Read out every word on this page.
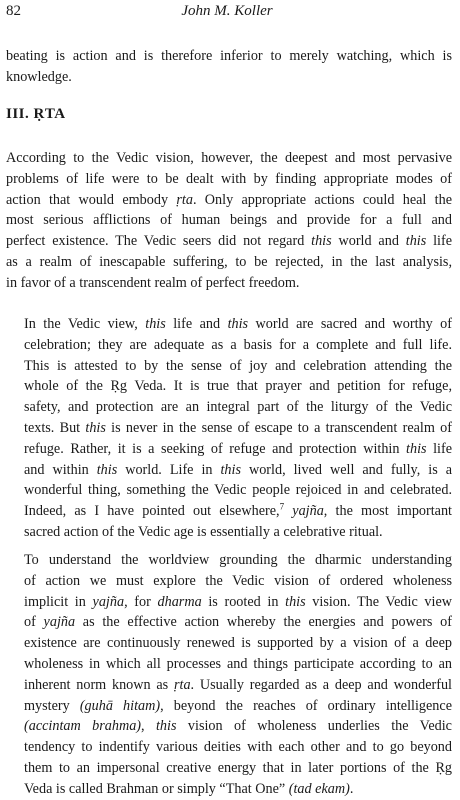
82	John M. Koller

beating is action and is therefore inferior to merely watching, which is
knowledge.

III. ṚTA

According to the Vedic vision, however, the deepest and most pervasive
problems of life were to be dealt with by finding appropriate modes of
action that would embody ṛta. Only appropriate actions could heal the
most serious afflictions of human beings and provide for a full and
perfect existence. The Vedic seers did not regard this world and this life
as a realm of inescapable suffering, to be rejected, in the last analysis,
in favor of a transcendent realm of perfect freedom.

In the Vedic view, this life and this world are sacred and worthy of
celebration; they are adequate as a basis for a complete and full life.
This is attested to by the sense of joy and celebration attending the
whole of the Ṛg Veda. It is true that prayer and petition for refuge,
safety, and protection are an integral part of the liturgy of the Vedic
texts. But this is never in the sense of escape to a transcendent realm of
refuge. Rather, it is a seeking of refuge and protection within this life
and within this world. Life in this world, lived well and fully, is a
wonderful thing, something the Vedic people rejoiced in and celebrated.
Indeed, as I have pointed out elsewhere,$^7$ yajña, the most important
sacred action of the Vedic age is essentially a celebrative ritual.

To understand the worldview grounding the dharmic understanding
of action we must explore the Vedic vision of ordered wholeness
implicit in yajña, for dharma is rooted in this vision. The Vedic view
of yajña as the effective action whereby the energies and powers of
existence are continuously renewed is supported by a vision of a deep
wholeness in which all processes and things participate according to an
inherent norm known as ṛta. Usually regarded as a deep and wonderful
mystery (guhā hitam), beyond the reaches of ordinary intelligence
(accintam brahma), this vision of wholeness underlies the Vedic
tendency to indentify various deities with each other and to go beyond
them to an impersonal creative energy that in later portions of the Ṛg
Veda is called Brahman or simply “That One” (tad ekam).
